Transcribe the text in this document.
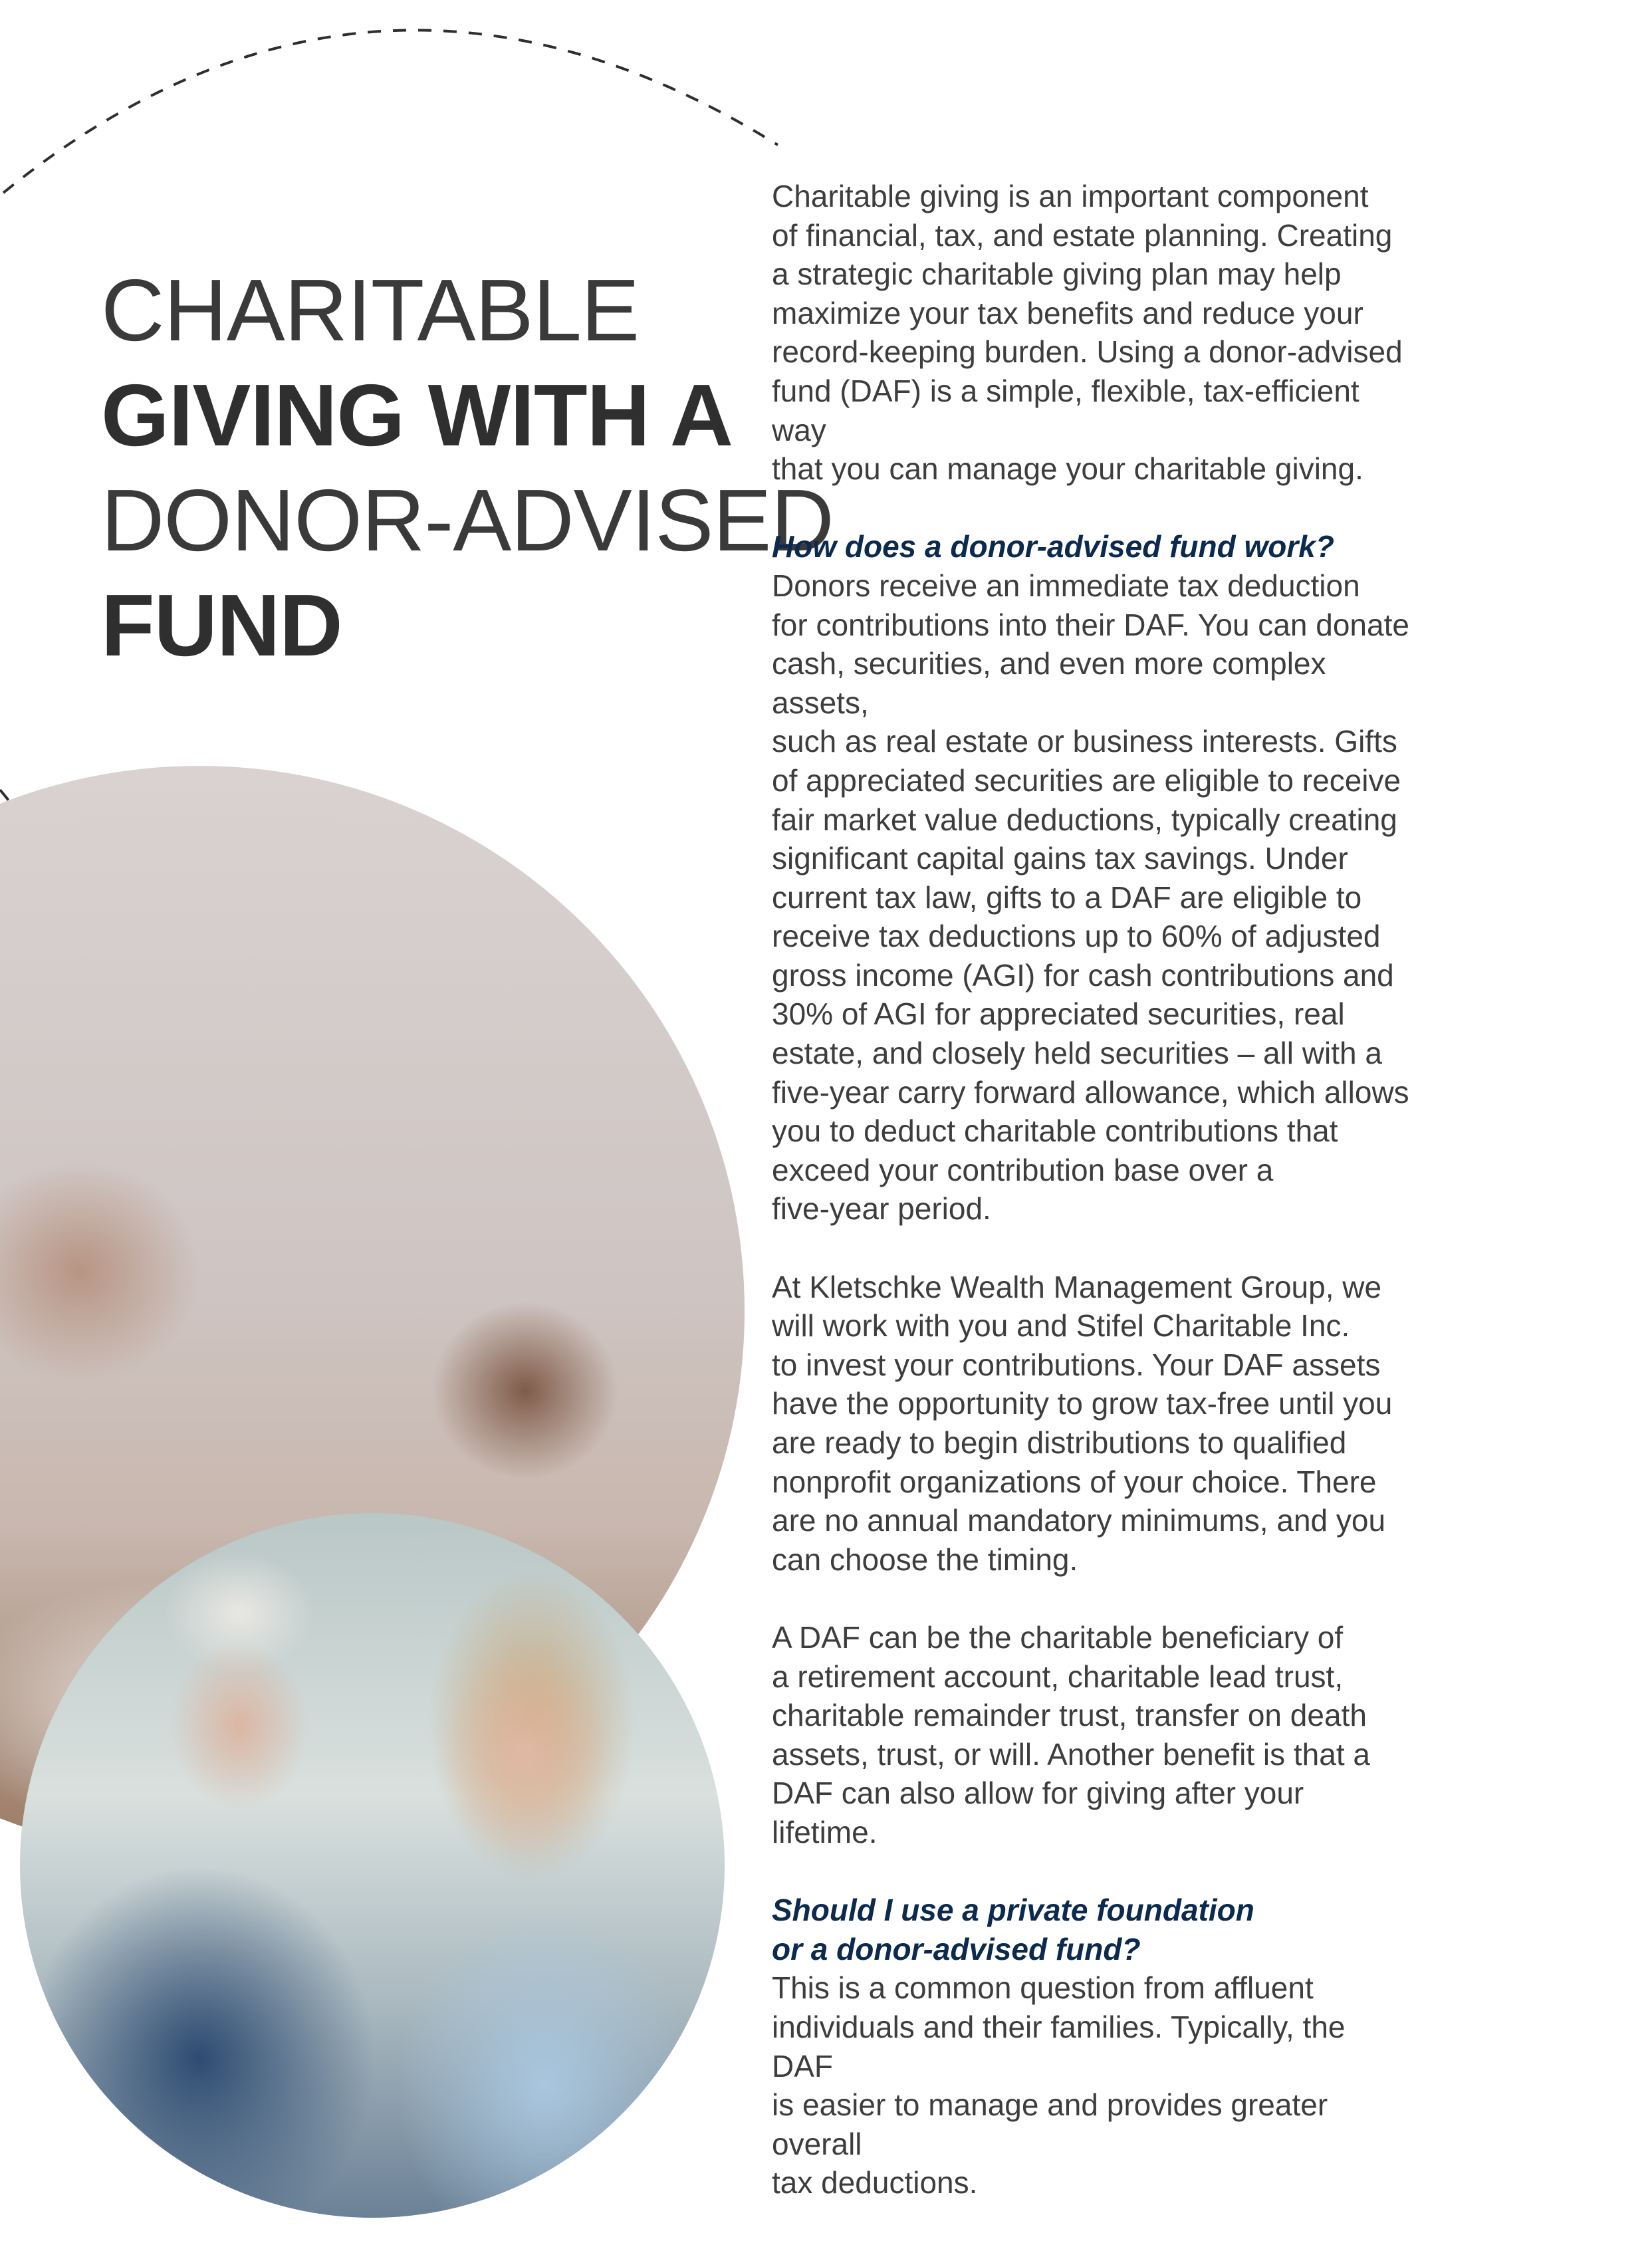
CHARITABLE
GIVING WITH A
DONOR-ADVISED
FUND

Charitable giving is an important component
of financial, tax, and estate planning. Creating
a strategic charitable giving plan may help
maximize your tax benefits and reduce your
record-keeping burden. Using a donor-advised
fund (DAF) is a simple, flexible, tax-efficient way
that you can manage your charitable giving.

How does a donor-advised fund work?

Donors receive an immediate tax deduction
for contributions into their DAF. You can donate
cash, securities, and even more complex assets,
such as real estate or business interests. Gifts
of appreciated securities are eligible to receive
fair market value deductions, typically creating
significant capital gains tax savings. Under
current tax law, gifts to a DAF are eligible to
receive tax deductions up to 60% of adjusted
gross income (AGI) for cash contributions and
30% of AGI for appreciated securities, real
estate, and closely held securities – all with a
five-year carry forward allowance, which allows
you to deduct charitable contributions that
exceed your contribution base over a
five-year period.

At Kletschke Wealth Management Group, we
will work with you and Stifel Charitable Inc.
to invest your contributions. Your DAF assets
have the opportunity to grow tax-free until you
are ready to begin distributions to qualified
nonprofit organizations of your choice. There
are no annual mandatory minimums, and you
can choose the timing.

A DAF can be the charitable beneficiary of
a retirement account, charitable lead trust,
charitable remainder trust, transfer on death
assets, trust, or will. Another benefit is that a
DAF can also allow for giving after your lifetime.

Should I use a private foundation
or a donor-advised fund?

This is a common question from affluent
individuals and their families. Typically, the DAF
is easier to manage and provides greater overall
tax deductions.
